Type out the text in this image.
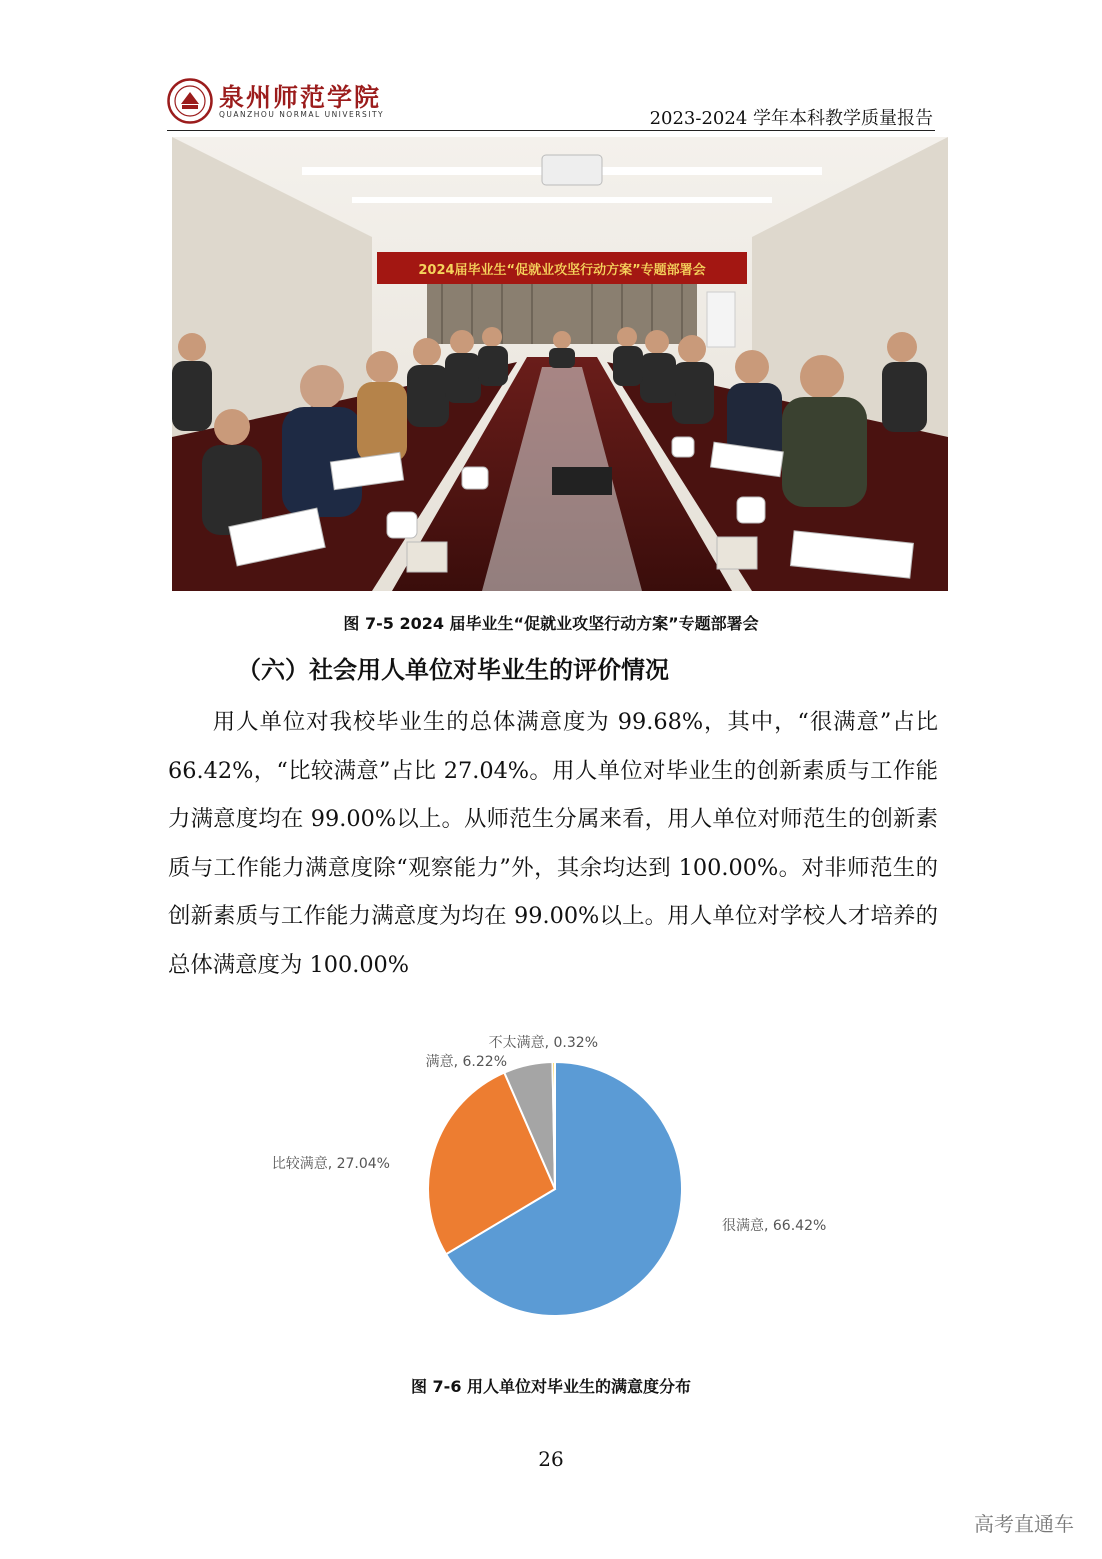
泉州师范学院
QUANZHOU NORMAL UNIVERSITY	2023-2024 学年本科教学质量报告
2024届毕业生“促就业攻坚行动方案”专题部署会
图 7-5 2024 届毕业生“促就业攻坚行动方案”专题部署会
（六）社会用人单位对毕业生的评价情况

用人单位对我校毕业生的总体满意度为 99.68%，其中，“很满意”占比 66.42%，“比较满意”占比 27.04%。用人单位对毕业生的创新素质与工作能力满意度均在 99.00%以上。从师范生分属来看，用人单位对师范生的创新素质与工作能力满意度除“观察能力”外，其余均达到 100.00%。对非师范生的创新素质与工作能力满意度为均在 99.00%以上。用人单位对学校人才培养的总体满意度为 100.00%

很满意, 66.42%
比较满意, 27.04%
满意, 6.22%
不太满意, 0.32%
图 7-6 用人单位对毕业生的满意度分布
26
高考直通车
